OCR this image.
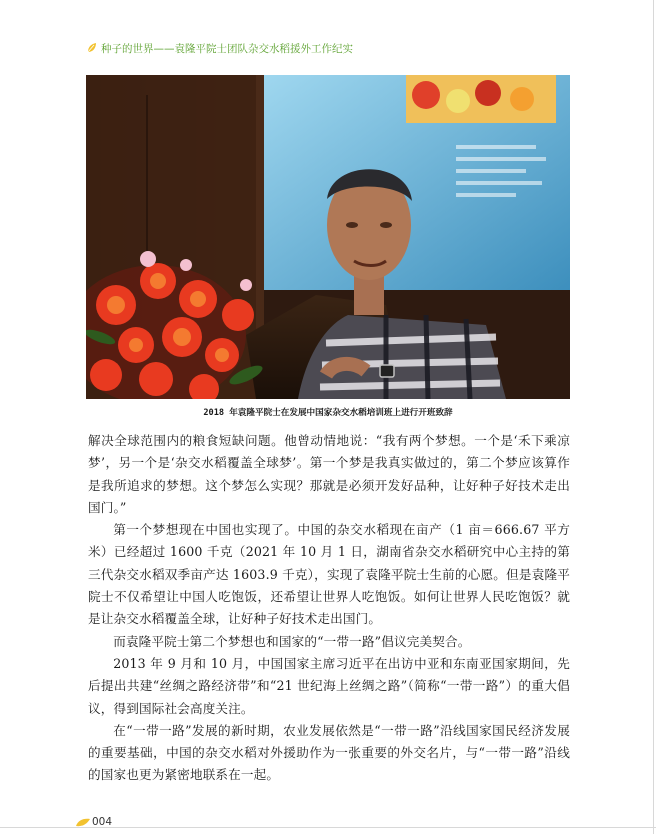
种子的世界——袁隆平院士团队杂交水稻援外工作纪实
2018 年袁隆平院士在发展中国家杂交水稻培训班上进行开班致辞

解决全球范围内的粮食短缺问题。他曾动情地说：“我有两个梦想。一个是‘禾下乘凉梦’，另一个是‘杂交水稻覆盖全球梦’。第一个梦是我真实做过的，第二个梦应该算作是我所追求的梦想。这个梦怎么实现？那就是必须开发好品种，让好种子好技术走出国门。”

第一个梦想现在中国也实现了。中国的杂交水稻现在亩产（1 亩＝666.67 平方米）已经超过 1600 千克（2021 年 10 月 1 日，湖南省杂交水稻研究中心主持的第三代杂交水稻双季亩产达 1603.9 千克），实现了袁隆平院士生前的心愿。但是袁隆平院士不仅希望让中国人吃饱饭，还希望让世界人吃饱饭。如何让世界人民吃饱饭？就是让杂交水稻覆盖全球，让好种子好技术走出国门。

而袁隆平院士第二个梦想也和国家的“一带一路”倡议完美契合。

2013 年 9 月和 10 月，中国国家主席习近平在出访中亚和东南亚国家期间，先后提出共建“丝绸之路经济带”和“21 世纪海上丝绸之路”（简称“一带一路”）的重大倡议，得到国际社会高度关注。

在“一带一路”发展的新时期，农业发展依然是“一带一路”沿线国家国民经济发展的重要基础，中国的杂交水稻对外援助作为一张重要的外交名片，与“一带一路”沿线的国家也更为紧密地联系在一起。

004
